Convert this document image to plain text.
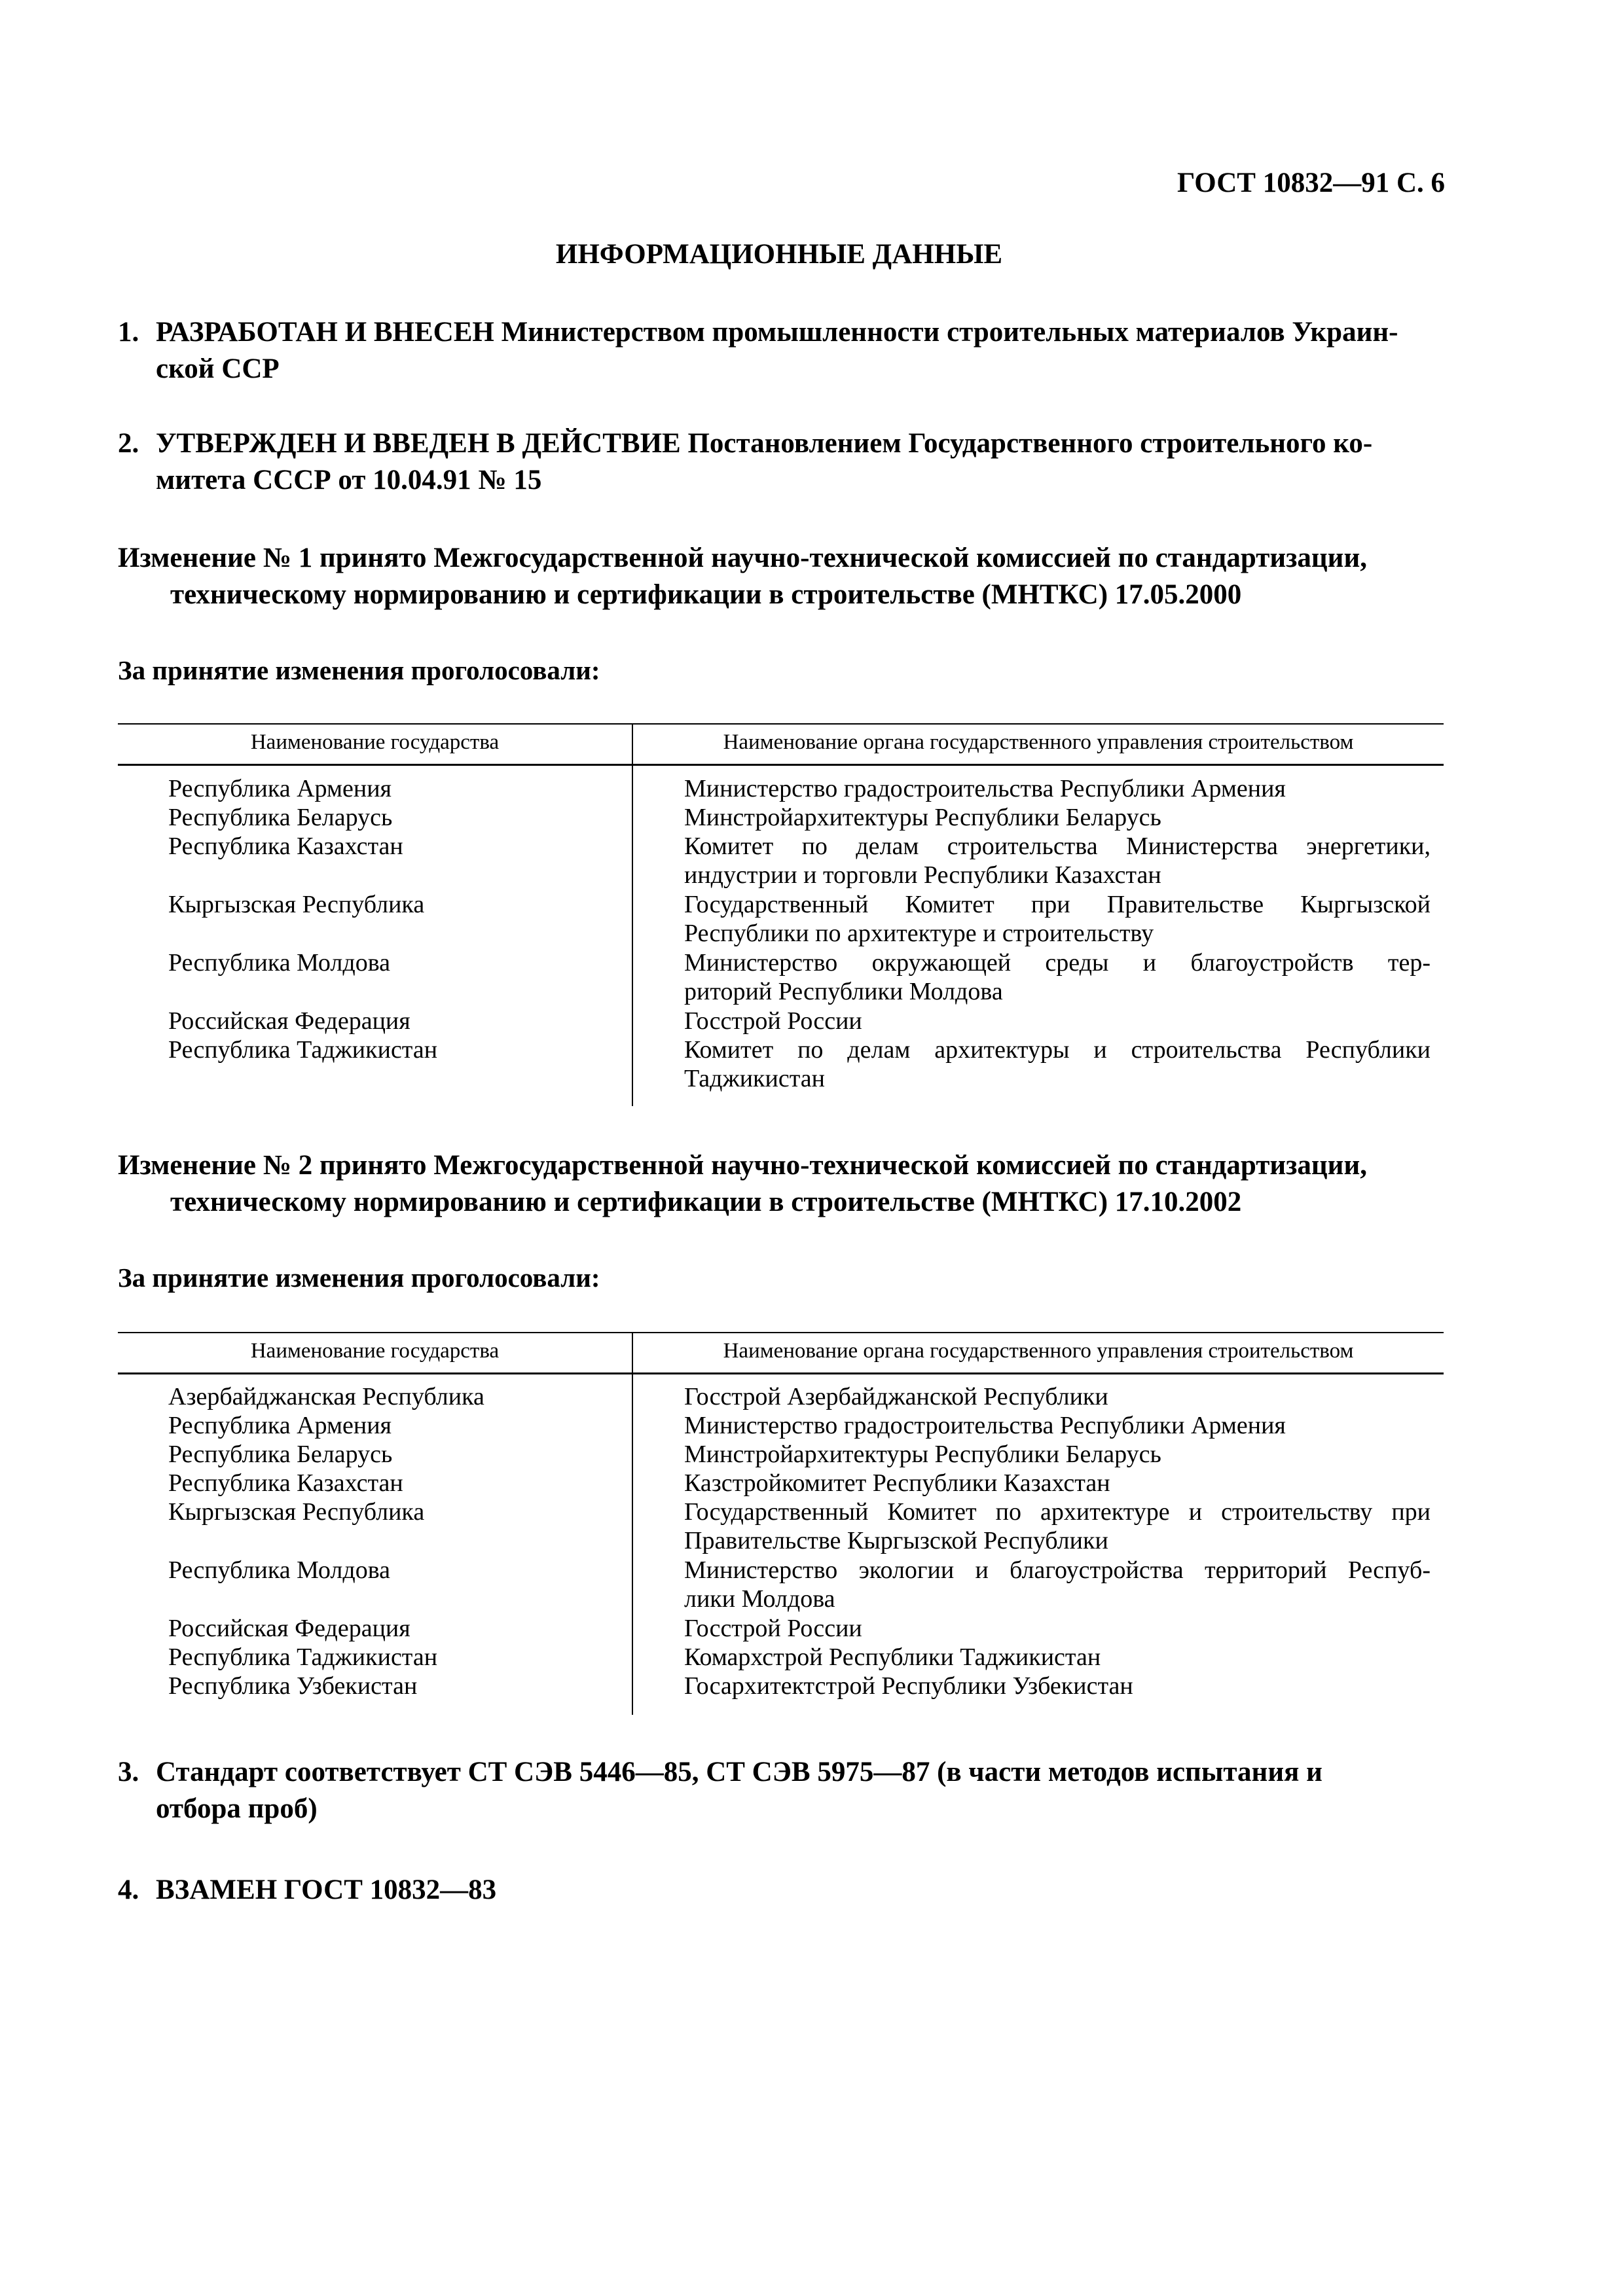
ГОСТ 10832—91 С. 6
ИНФОРМАЦИОННЫЕ ДАННЫЕ
1. РАЗРАБОТАН И ВНЕСЕН Министерством промышленности строительных материалов Украин-
ской ССР
2. УТВЕРЖДЕН И ВВЕДЕН В ДЕЙСТВИЕ Постановлением Государственного строительного ко-
митета СССР от 10.04.91 № 15
Изменение № 1 принято Межгосударственной научно-технической комиссией по стандартизации,
техническому нормированию и сертификации в строительстве (МНТКС) 17.05.2000
За принятие изменения проголосовали:
Наименование государства	Наименование органа государственного управления строительством
Республика Армения	Министерство градостроительства Республики Армения
Республика Беларусь	Минстройархитектуры Республики Беларусь
Республика Казахстан	Комитет по делам строительства Министерства энергетики,
индустрии и торговли Республики Казахстан
Кыргызская Республика	Государственный Комитет при Правительстве Кыргызской
Республики по архитектуре и строительству
Республика Молдова	Министерство окружающей среды и благоустройств тер-
риторий Республики Молдова
Российская Федерация	Госстрой России
Республика Таджикистан	Комитет по делам архитектуры и строительства Республики
Таджикистан
Изменение № 2 принято Межгосударственной научно-технической комиссией по стандартизации,
техническому нормированию и сертификации в строительстве (МНТКС) 17.10.2002
За принятие изменения проголосовали:
Наименование государства	Наименование органа государственного управления строительством
Азербайджанская Республика	Госстрой Азербайджанской Республики
Республика Армения	Министерство градостроительства Республики Армения
Республика Беларусь	Минстройархитектуры Республики Беларусь
Республика Казахстан	Казстройкомитет Республики Казахстан
Кыргызская Республика	Государственный Комитет по архитектуре и строительству при
Правительстве Кыргызской Республики
Республика Молдова	Министерство экологии и благоустройства территорий Респуб-
лики Молдова
Российская Федерация	Госстрой России
Республика Таджикистан	Комархстрой Республики Таджикистан
Республика Узбекистан	Госархитектстрой Республики Узбекистан
3. Стандарт соответствует СТ СЭВ 5446—85, СТ СЭВ 5975—87 (в части методов испытания и
отбора проб)
4. ВЗАМЕН ГОСТ 10832—83
